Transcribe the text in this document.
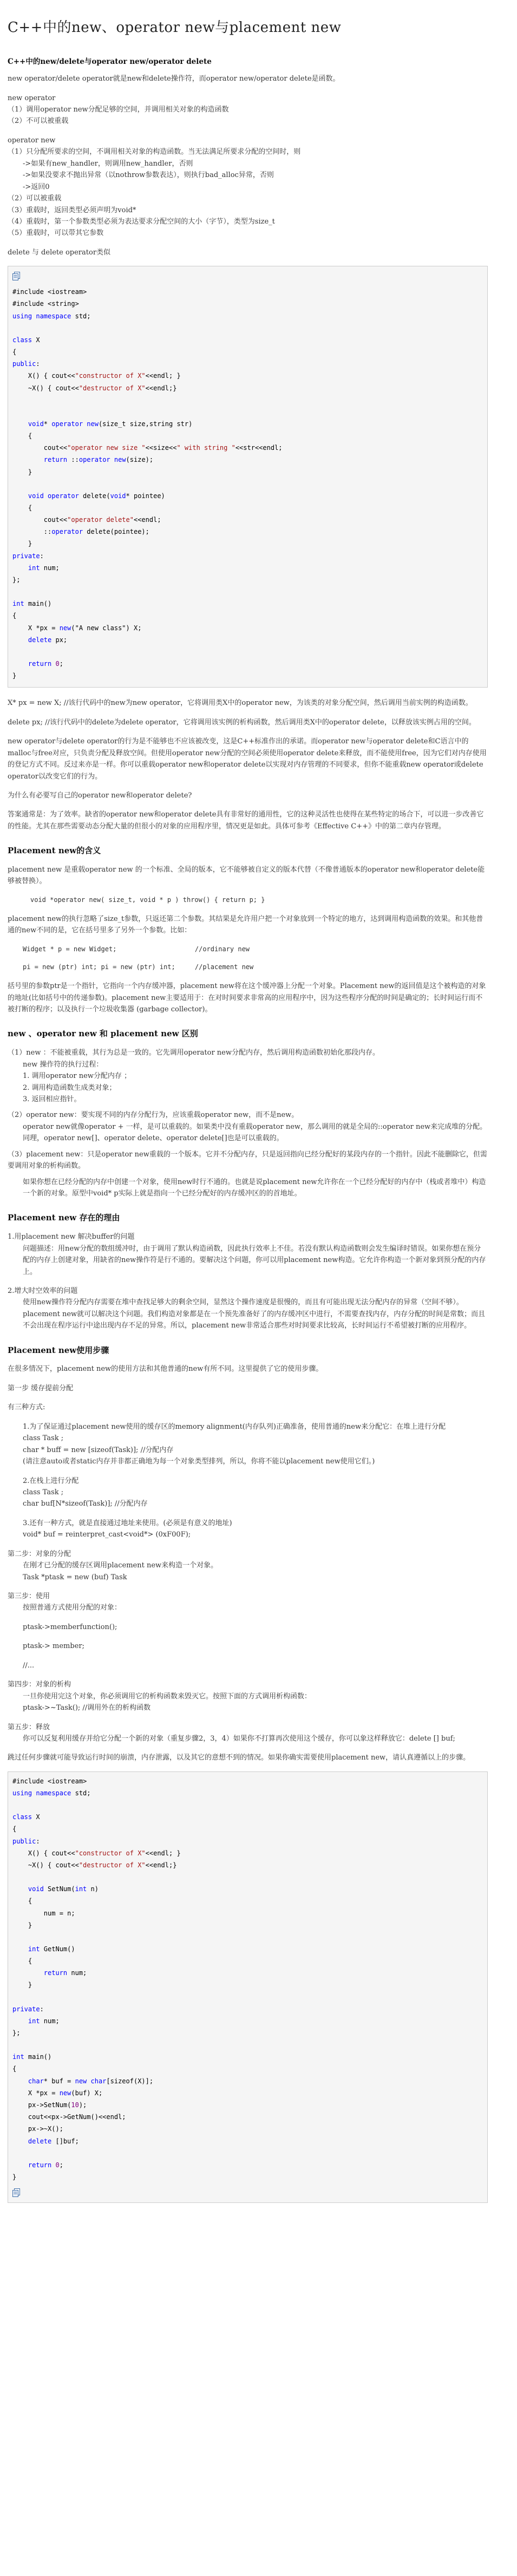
C++中的new、operator new与placement new
C++中的new/delete与operator new/operator delete
new operator/delete operator就是new和delete操作符，而operator new/operator delete是函数。
new operator
（1）调用operator new分配足够的空间，并调用相关对象的构造函数
（2）不可以被重载
operator new
（1）只分配所要求的空间，不调用相关对象的构造函数。当无法满足所要求分配的空间时，则
->如果有new_handler，则调用new_handler，否则
->如果没要求不抛出异常（以nothrow参数表达），则执行bad_alloc异常，否则
->返回0
（2）可以被重载
（3）重载时，返回类型必须声明为void*
（4）重载时，第一个参数类型必须为表达要求分配空间的大小（字节），类型为size_t
（5）重载时，可以带其它参数
delete 与 delete operator类似
#include <iostream>
#include <string>
using namespace std;
class X
{
public:
X() { cout<<"constructor of X"<<endl; }
~X() { cout<<"destructor of X"<<endl;}
void* operator new(size_t size,string str)
{
cout<<"operator new size "<<size<<" with string "<<str<<endl;
return ::operator new(size);
}
void operator delete(void* pointee)
{
cout<<"operator delete"<<endl;
::operator delete(pointee);
}
private:
int num;
};
int main()
{
X *px = new("A new class") X;
delete px;
return 0;
}
X* px = new X; //该行代码中的new为new operator，它将调用类X中的operator new，为该类的对象分配空间，然后调用当前实例的构造函数。
delete px; //该行代码中的delete为delete operator，它将调用该实例的析构函数，然后调用类X中的operator delete，以释放该实例占用的空间。
new operator与delete operator的行为是不能够也不应该被改变，这是C++标准作出的承诺。而operator new与operator delete和C语言中的malloc与free对应，只负责分配及释放空间。但使用operator new分配的空间必须使用operator delete来释放，而不能使用free，因为它们对内存使用的登记方式不同。反过来亦是一样。你可以重载operator new和operator delete以实现对内存管理的不同要求，但你不能重载new operator或delete operator以改变它们的行为。
为什么有必要写自己的operator new和operator delete?
答案通常是：为了效率。缺省的operator new和operator delete具有非常好的通用性，它的这种灵活性也使得在某些特定的场合下，可以进一步改善它的性能。尤其在那些需要动态分配大量的但很小的对象的应用程序里，情况更是如此。具体可参考《Effective C++》中的第二章内存管理。
Placement new的含义
placement new 是重载operator new 的一个标准、全局的版本，它不能够被自定义的版本代替（不像普通版本的operator new和operator delete能够被替换）。
void *operator new( size_t, void * p ) throw() { return p; }
placement new的执行忽略了size_t参数，只返还第二个参数。其结果是允许用户把一个对象放到一个特定的地方，达到调用构造函数的效果。和其他普通的new不同的是，它在括号里多了另外一个参数。比如：
Widget * p = new Widget;                    //ordinary new
pi = new (ptr) int; pi = new (ptr) int;     //placement new
括号里的参数ptr是一个指针，它指向一个内存缓冲器，placement new将在这个缓冲器上分配一个对象。Placement new的返回值是这个被构造的对象的地址(比如括号中的传递参数)。placement new主要适用于：在对时间要求非常高的应用程序中，因为这些程序分配的时间是确定的；长时间运行而不被打断的程序；以及执行一个垃圾收集器 (garbage collector)。
new 、operator new 和 placement new 区别
（1）new ：不能被重载，其行为总是一致的。它先调用operator new分配内存，然后调用构造函数初始化那段内存。
new 操作符的执行过程：
1. 调用operator new分配内存 ；
2. 调用构造函数生成类对象；
3. 返回相应指针。
（2）operator new：要实现不同的内存分配行为，应该重载operator new，而不是new。
operator new就像operator + 一样，是可以重载的。如果类中没有重载operator new，那么调用的就是全局的::operator new来完成堆的分配。同理，operator new[]、operator delete、operator delete[]也是可以重载的。
（3）placement new：只是operator new重载的一个版本。它并不分配内存，只是返回指向已经分配好的某段内存的一个指针。因此不能删除它，但需要调用对象的析构函数。
如果你想在已经分配的内存中创建一个对象，使用new时行不通的。也就是说placement new允许你在一个已经分配好的内存中（栈或者堆中）构造一个新的对象。原型中void* p实际上就是指向一个已经分配好的内存缓冲区的的首地址。
Placement new 存在的理由
1.用placement new 解决buffer的问题
问题描述：用new分配的数组缓冲时，由于调用了默认构造函数，因此执行效率上不佳。若没有默认构造函数则会发生编译时错误。如果你想在预分配的内存上创建对象，用缺省的new操作符是行不通的。要解决这个问题，你可以用placement new构造。它允许你构造一个新对象到预分配的内存上。
2.增大时空效率的问题
使用new操作符分配内存需要在堆中查找足够大的剩余空间，显然这个操作速度是很慢的，而且有可能出现无法分配内存的异常（空间不够）。placement new就可以解决这个问题。我们构造对象都是在一个预先准备好了的内存缓冲区中进行，不需要查找内存，内存分配的时间是常数；而且不会出现在程序运行中途出现内存不足的异常。所以，placement new非常适合那些对时间要求比较高，长时间运行不希望被打断的应用程序。
Placement new使用步骤
在很多情况下，placement new的使用方法和其他普通的new有所不同。这里提供了它的使用步骤。
第一步 缓存提前分配
有三种方式:
1.为了保证通过placement new使用的缓存区的memory alignment(内存队列)正确准备，使用普通的new来分配它：在堆上进行分配
class Task ;
char * buff = new [sizeof(Task)]; //分配内存
(请注意auto或者static内存并非都正确地为每一个对象类型排列，所以，你将不能以placement new使用它们。)
2.在栈上进行分配
class Task ;
char buf[N*sizeof(Task)]; //分配内存
3.还有一种方式，就是直接通过地址来使用。(必须是有意义的地址)
void* buf = reinterpret_cast<void*> (0xF00F);
第二步：对象的分配
在刚才已分配的缓存区调用placement new来构造一个对象。
Task *ptask = new (buf) Task
第三步：使用
按照普通方式使用分配的对象：
ptask->memberfunction();
ptask-> member;
//...
第四步：对象的析构
一旦你使用完这个对象，你必须调用它的析构函数来毁灭它。按照下面的方式调用析构函数：
ptask->~Task(); //调用外在的析构函数
第五步：释放
你可以反复利用缓存并给它分配一个新的对象（重复步骤2，3，4）如果你不打算再次使用这个缓存，你可以象这样释放它：delete [] buf;
跳过任何步骤就可能导致运行时间的崩溃，内存泄露，以及其它的意想不到的情况。如果你确实需要使用placement new，请认真遵循以上的步骤。
#include <iostream>
using namespace std;
class X
{
public:
X() { cout<<"constructor of X"<<endl; }
~X() { cout<<"destructor of X"<<endl;}
void SetNum(int n)
{
num = n;
}
int GetNum()
{
return num;
}
private:
int num;
};
int main()
{
char* buf = new char[sizeof(X)];
X *px = new(buf) X;
px->SetNum(10);
cout<<px->GetNum()<<endl;
px->~X();
delete []buf;
return 0;
}
